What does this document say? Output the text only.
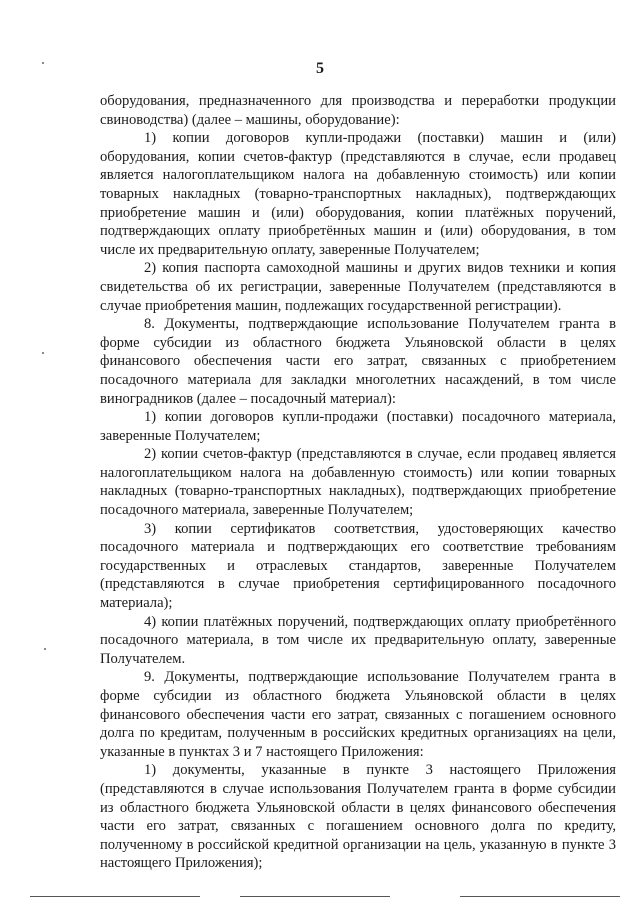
5

оборудования, предназначенного для производства и переработки продукции свиноводства) (далее – машины, оборудование):

1) копии договоров купли-продажи (поставки) машин и (или) оборудования, копии счетов-фактур (представляются в случае, если продавец является налогоплательщиком налога на добавленную стоимость) или копии товарных накладных (товарно-транспортных накладных), подтверждающих приобретение машин и (или) оборудования, копии платёжных поручений, подтверждающих оплату приобретённых машин и (или) оборудования, в том числе их предварительную оплату, заверенные Получателем;

2) копия паспорта самоходной машины и других видов техники и копия свидетельства об их регистрации, заверенные Получателем (представляются в случае приобретения машин, подлежащих государственной регистрации).

8. Документы, подтверждающие использование Получателем гранта в форме субсидии из областного бюджета Ульяновской области в целях финансового обеспечения части его затрат, связанных с приобретением посадочного материала для закладки многолетних насаждений, в том числе виноградников (далее – посадочный материал):

1) копии договоров купли-продажи (поставки) посадочного материала, заверенные Получателем;

2) копии счетов-фактур (представляются в случае, если продавец является налогоплательщиком налога на добавленную стоимость) или копии товарных накладных (товарно-транспортных накладных), подтверждающих приобретение посадочного материала, заверенные Получателем;

3) копии сертификатов соответствия, удостоверяющих качество посадочного материала и подтверждающих его соответствие требованиям государственных и отраслевых стандартов, заверенные Получателем (представляются в случае приобретения сертифицированного посадочного материала);

4) копии платёжных поручений, подтверждающих оплату приобретённого посадочного материала, в том числе их предварительную оплату, заверенные Получателем.

9. Документы, подтверждающие использование Получателем гранта в форме субсидии из областного бюджета Ульяновской области в целях финансового обеспечения части его затрат, связанных с погашением основного долга по кредитам, полученным в российских кредитных организациях на цели, указанные в пунктах 3 и 7 настоящего Приложения:

1) документы, указанные в пункте 3 настоящего Приложения (представляются в случае использования Получателем гранта в форме субсидии из областного бюджета Ульяновской области в целях финансового обеспечения части его затрат, связанных с погашением основного долга по кредиту, полученному в российской кредитной организации на цель, указанную в пункте 3 настоящего Приложения);
